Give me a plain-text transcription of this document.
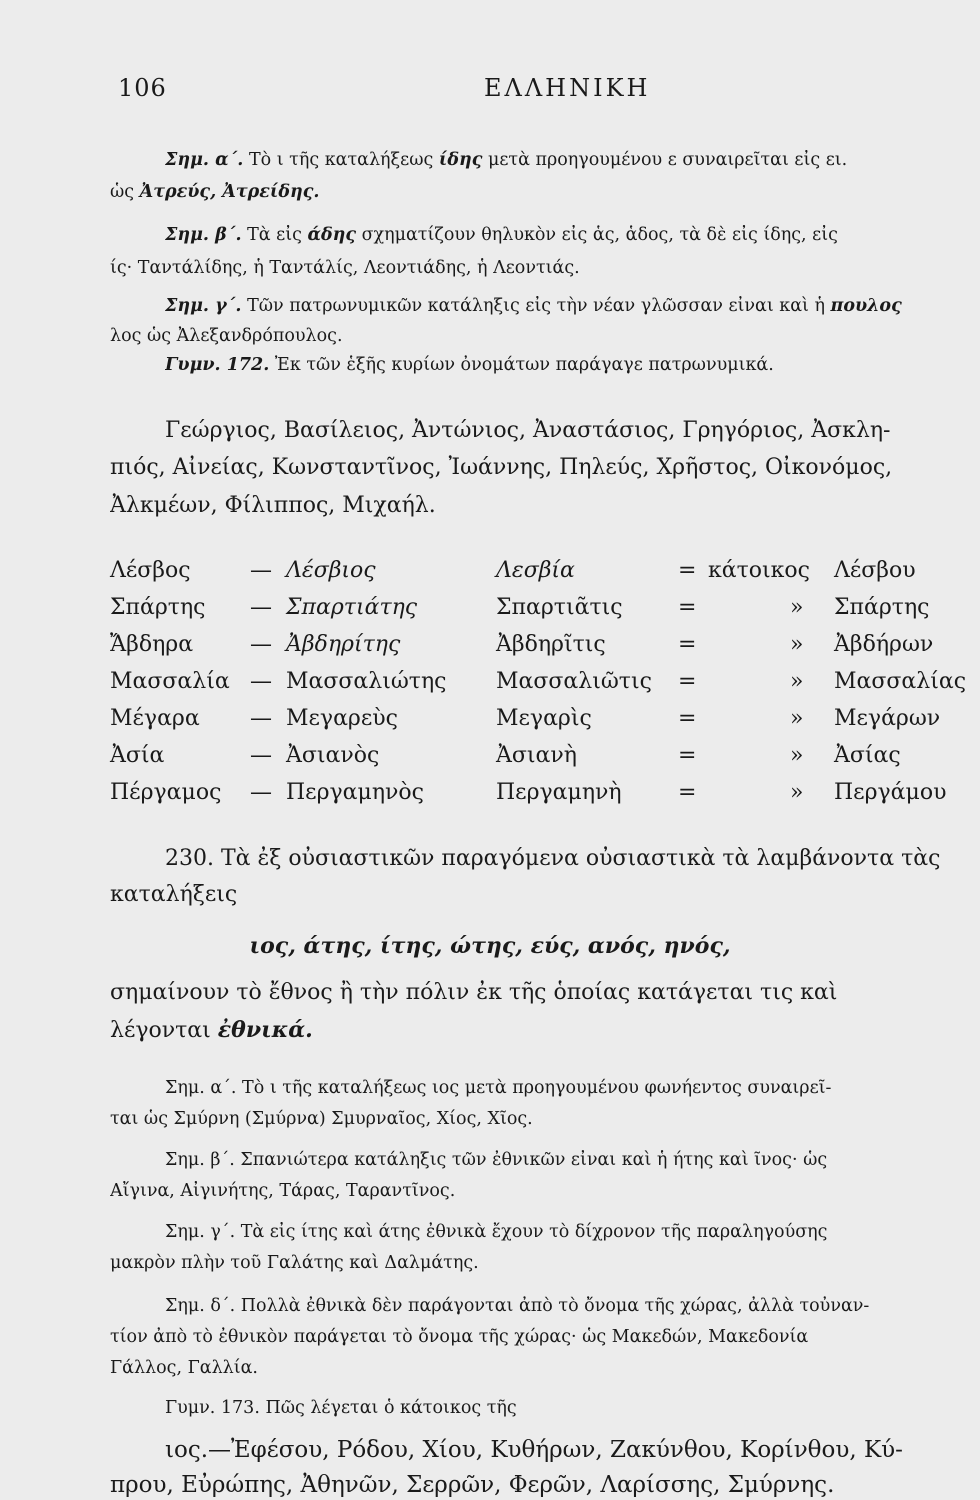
106	ΕΛΛΗΝΙΚΗ
Σημ. α΄. Τὸ ι τῆς καταλήξεως ίδης μετὰ προηγουμένου ε συναιρεῖται εἰς ει.
ὡς Ἀτρεύς, Ἀτρείδης.
Σημ. β΄. Τὰ εἰς άδης σχηματίζουν θηλυκὸν εἰς ἁς, ἁδος, τὰ δὲ εἰς ίδης, εἰς
ίς· Ταντάλίδης, ἡ Ταντάλίς, Λεοντιάδης, ἡ Λεοντιάς.
Σημ. γ΄. Τῶν πατρωνυμικῶν κατάληξις εἰς τὴν νέαν γλῶσσαν εἶναι καὶ ἡ πουλος
λος ὡς Ἀλεξανδρόπουλος.
Γυμν. 172. Ἐκ τῶν ἑξῆς κυρίων ὀνομάτων παράγαγε πατρωνυμικά.
Γεώργιος, Βασίλειος, Ἀντώνιος, Ἀναστάσιος, Γρηγόριος, Ἀσκλη-
πιός, Αἰνείας, Κωνσταντῖνος, Ἰωάννης, Πηλεύς, Χρῆστος, Οἰκονόμος,
Ἀλκμέων, Φίλιππος, Μιχαήλ.
Λέσβος	— Λέσβιος	Λεσβία	= κάτοικος Λέσβου
Σπάρτης — Σπαρτιάτης	Σπαρτιᾶτις	=	» Σπάρτης
Ἄβδηρα	— Ἀβδηρίτης	Ἀβδηρῖτις	=	» Ἀβδήρων
Μασσαλία — Μασσαλιώτης Μασσαλιῶτις =	» Μασσαλίας
Μέγαρα — Μεγαρεὺς	Μεγαρὶς	=	» Μεγάρων
Ἀσία	— Ἀσιανὸς	Ἀσιανὴ	=	» Ἀσίας
Πέργαμος — Περγαμηνὸς	Περγαμηνὴ	=	» Περγάμου
230. Τὰ ἐξ οὐσιαστικῶν παραγόμενα οὐσιαστικὰ τὰ λαμβάνοντα τὰς
καταλήξεις
ιος, άτης, ίτης, ώτης, εύς, ανός, ηνός,
σημαίνουν τὸ ἔθνος ἢ τὴν πόλιν ἐκ τῆς ὁποίας κατάγεται τις καὶ
λέγονται ἐθνικά.
Σημ. α΄. Τὸ ι τῆς καταλήξεως ιος μετὰ προηγουμένου φωνήεντος συναιρεῖ-
ται ὡς Σμύρνη (Σμύρνα) Σμυρναῖος, Χίος, Χῖος.
Σημ. β΄. Σπανιώτερα κατάληξις τῶν ἐθνικῶν εἶναι καὶ ἡ ήτης καὶ ῖνος· ὡς
Αἴγινα, Αἰγινήτης, Τάρας, Ταραντῖνος.
Σημ. γ΄. Τὰ εἰς ίτης καὶ άτης ἐθνικὰ ἔχουν τὸ δίχρονον τῆς παραληγούσης
μακρὸν πλὴν τοῦ Γαλάτης καὶ Δαλμάτης.
Σημ. δ΄. Πολλὰ ἐθνικὰ δὲν παράγονται ἀπὸ τὸ ὄνομα τῆς χώρας, ἀλλὰ τοὐναν-
τίον ἀπὸ τὸ ἐθνικὸν παράγεται τὸ ὄνομα τῆς χώρας· ὡς Μακεδών, Μακεδονία
Γάλλος, Γαλλία.
Γυμν. 173. Πῶς λέγεται ὁ κάτοικος τῆς
ιος.—Ἐφέσου, Ρόδου, Χίου, Κυθήρων, Ζακύνθου, Κορίνθου, Κύ-
πρου, Εὐρώπης, Ἀθηνῶν, Σερρῶν, Φερῶν, Λαρίσσης, Σμύρνης.
